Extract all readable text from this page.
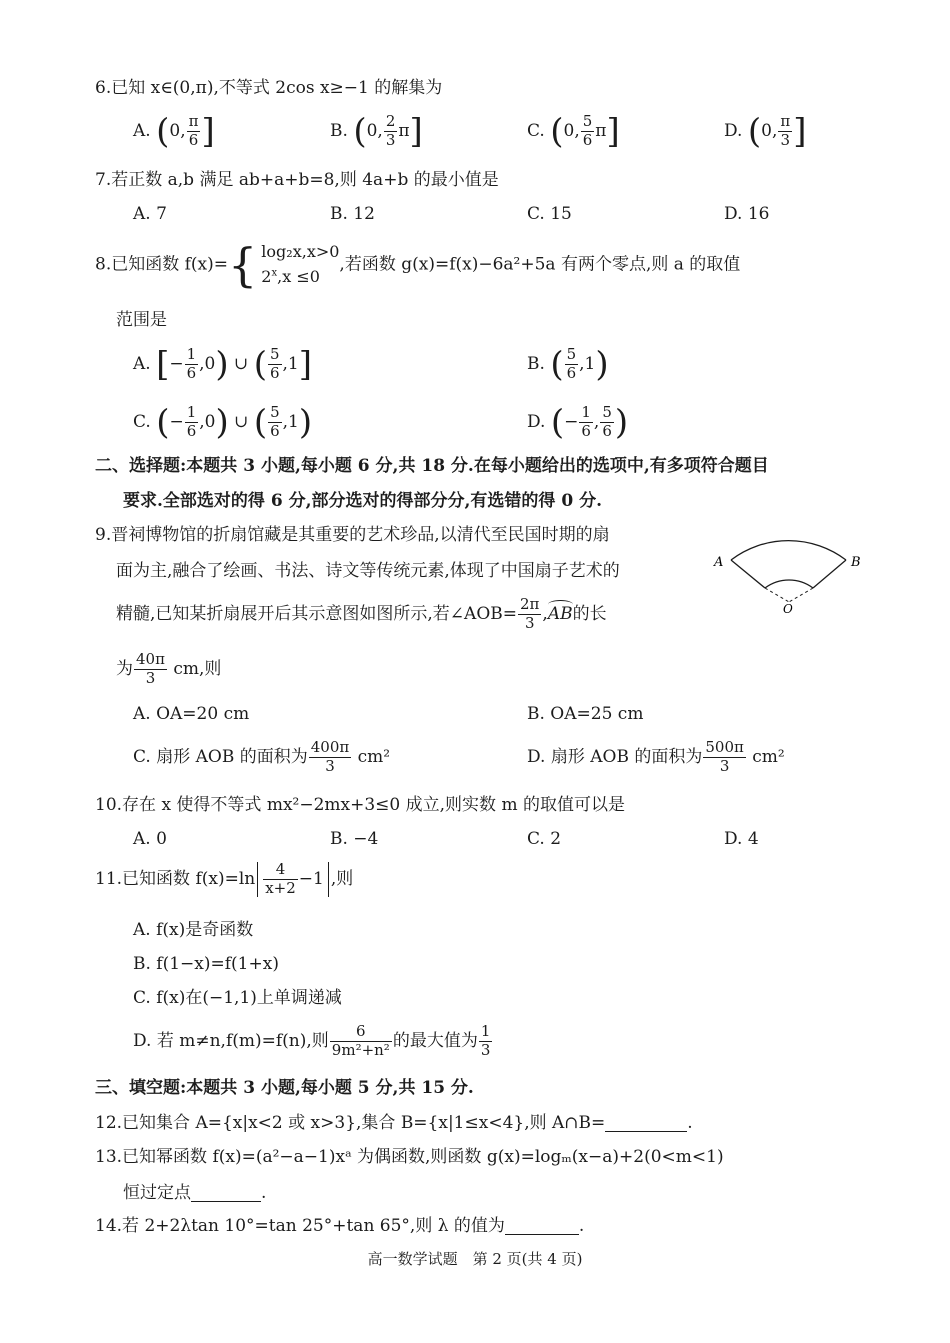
6.已知 x∈(0,π),不等式 2cos x≥−1 的解集为
A. (0, $\frac{\pi}{6}$ ]	B. (0, $\frac{2}{3} \pi$]	C. (0, $\frac{5}{6} \pi$]	D. (0, $\frac{\pi}{3}$ ]
7.若正数 a,b 满足 ab+a+b=8,则 4a+b 的最小值是
A. 7	B. 12	C. 15	D. 16
8.已知函数 f(x)={ log₂x,x>0
$2^x,x \le 0$
,若函数 g(x)=f(x)−6a²+5a 有两个零点,则 a 的取值
范围是
A. [− $\frac{1}{6} ,0$) ∪ ( $\frac{5}{6} ,1$]	B. ( $\frac{5}{6} ,1$)
C. (− $\frac{1}{6} ,0$) ∪ ( $\frac{5}{6} ,1$)	D. (− $\frac{1}{6}$ , $\frac{5}{6}$ )
二、选择题:本题共 3 小题,每小题 6 分,共 18 分.在每小题给出的选项中,有多项符合题目
要求.全部选对的得 6 分,部分选对的得部分分,有选错的得 0 分.
9.晋祠博物馆的折扇馆藏是其重要的艺术珍品,以清代至民国时期的扇
面为主,融合了绘画、书法、诗文等传统元素,体现了中国扇子艺术的
精髓,已知某折扇展开后其示意图如图所示,若∠AOB= $\frac{2\pi}{3} ,AB$的长
为 $\frac{40\pi}{3}$ cm,则
A	B
O
A. OA=20 cm	B. OA=25 cm
C. 扇形 AOB 的面积为 $\frac{400\pi}{3} cm^2$	D. 扇形 AOB 的面积为 $\frac{500\pi}{3} cm^2$
10.存在 x 使得不等式 mx²−2mx+3≤0 成立,则实数 m 的取值可以是
A. 0	B. −4	C. 2	D. 4
11.已知函数 $f(x)=\ln \frac{4}{x+2} -1$ ,则
A. f(x)是奇函数
B. f(1−x)=f(1+x)
C. f(x)在(−1,1)上单调递减
D. 若 m≠n,f(m)=f(n),则 $\frac{6}{\text{9m²+n²}}$ 的最大值为 $\frac{1}{3}$
三、填空题:本题共 3 小题,每小题 5 分,共 15 分.
12.已知集合 A={x|x<2 或 x>3},集合 B={x|1≤x<4},则 A∩B=	.
13.已知幂函数 f(x)=(a²−a−1)xᵃ 为偶函数,则函数 g(x)=logₘ(x−a)+2(0<m<1)
恒过定点	.
14.若 2+2λtan 10°=tan 25°+tan 65°,则 λ 的值为	.
高一数学试题　第 2 页(共 4 页)
